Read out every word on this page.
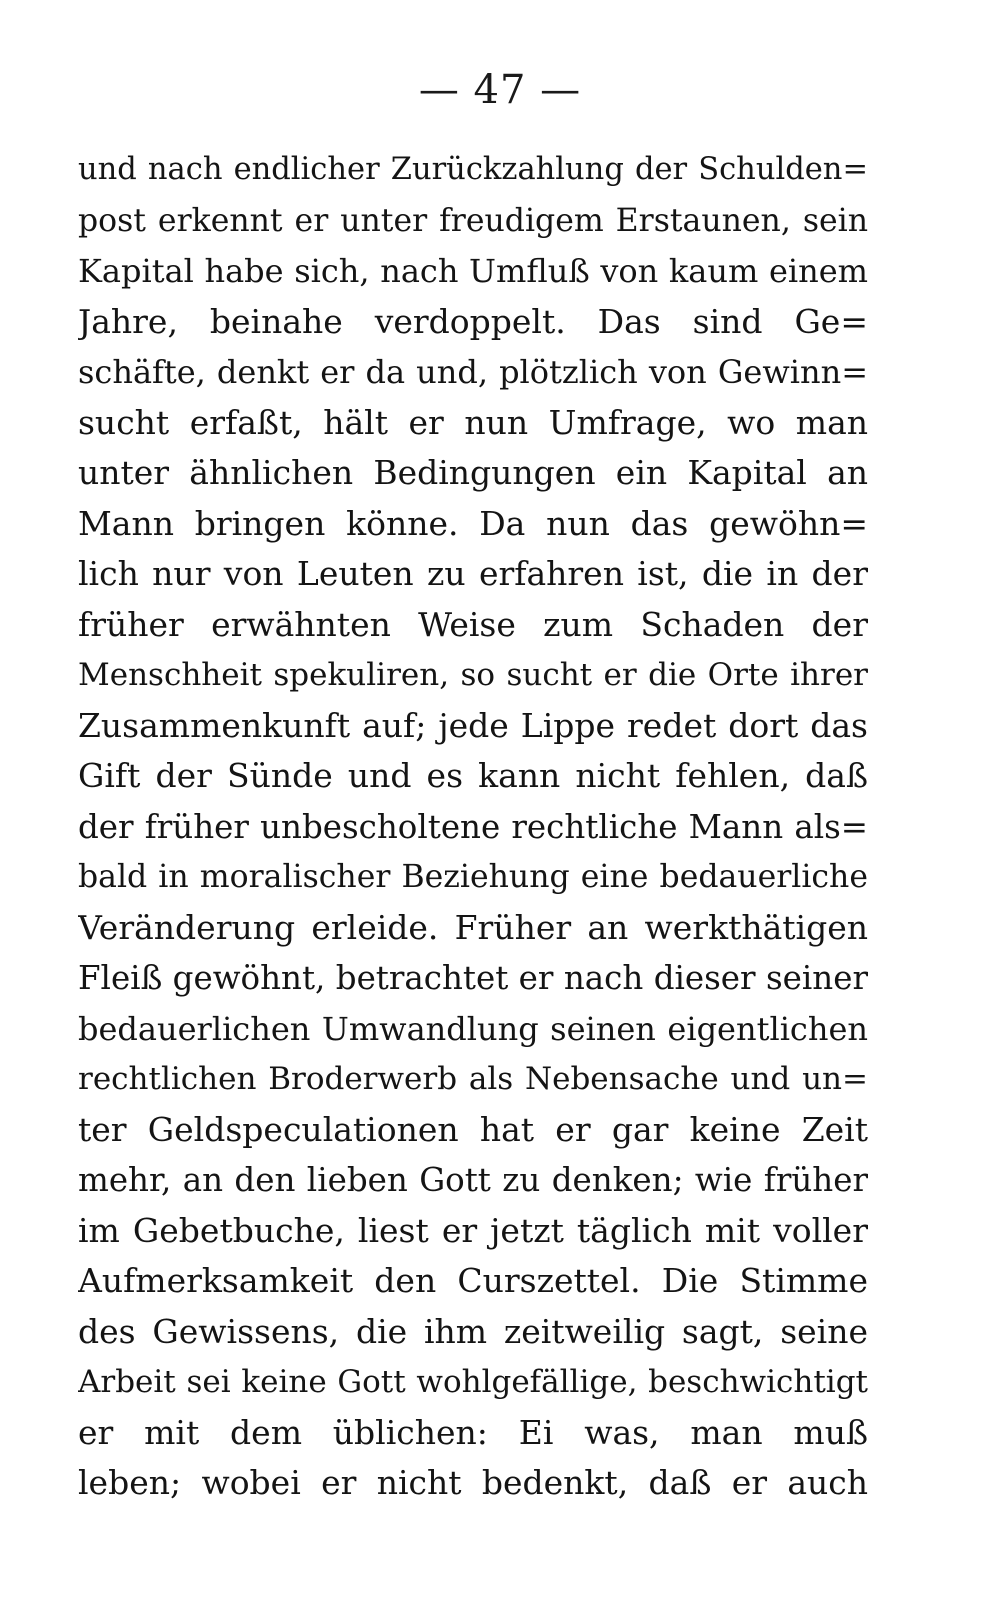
— 47 —
und nach endlicher Zurückzahlung der Schulden=
post erkennt er unter freudigem Erstaunen, sein
Kapital habe sich, nach Umfluß von kaum einem
Jahre, beinahe verdoppelt. Das sind Ge=
schäfte, denkt er da und, plötzlich von Gewinn=
sucht erfaßt, hält er nun Umfrage, wo man
unter ähnlichen Bedingungen ein Kapital an
Mann bringen könne. Da nun das gewöhn=
lich nur von Leuten zu erfahren ist, die in der
früher erwähnten Weise zum Schaden der
Menschheit spekuliren, so sucht er die Orte ihrer
Zusammenkunft auf; jede Lippe redet dort das
Gift der Sünde und es kann nicht fehlen, daß
der früher unbescholtene rechtliche Mann als=
bald in moralischer Beziehung eine bedauerliche
Veränderung erleide. Früher an werkthätigen
Fleiß gewöhnt, betrachtet er nach dieser seiner
bedauerlichen Umwandlung seinen eigentlichen
rechtlichen Broderwerb als Nebensache und un=
ter Geldspeculationen hat er gar keine Zeit
mehr, an den lieben Gott zu denken; wie früher
im Gebetbuche, liest er jetzt täglich mit voller
Aufmerksamkeit den Curszettel. Die Stimme
des Gewissens, die ihm zeitweilig sagt, seine
Arbeit sei keine Gott wohlgefällige, beschwichtigt
er mit dem üblichen: Ei was, man muß
leben; wobei er nicht bedenkt, daß er auch
